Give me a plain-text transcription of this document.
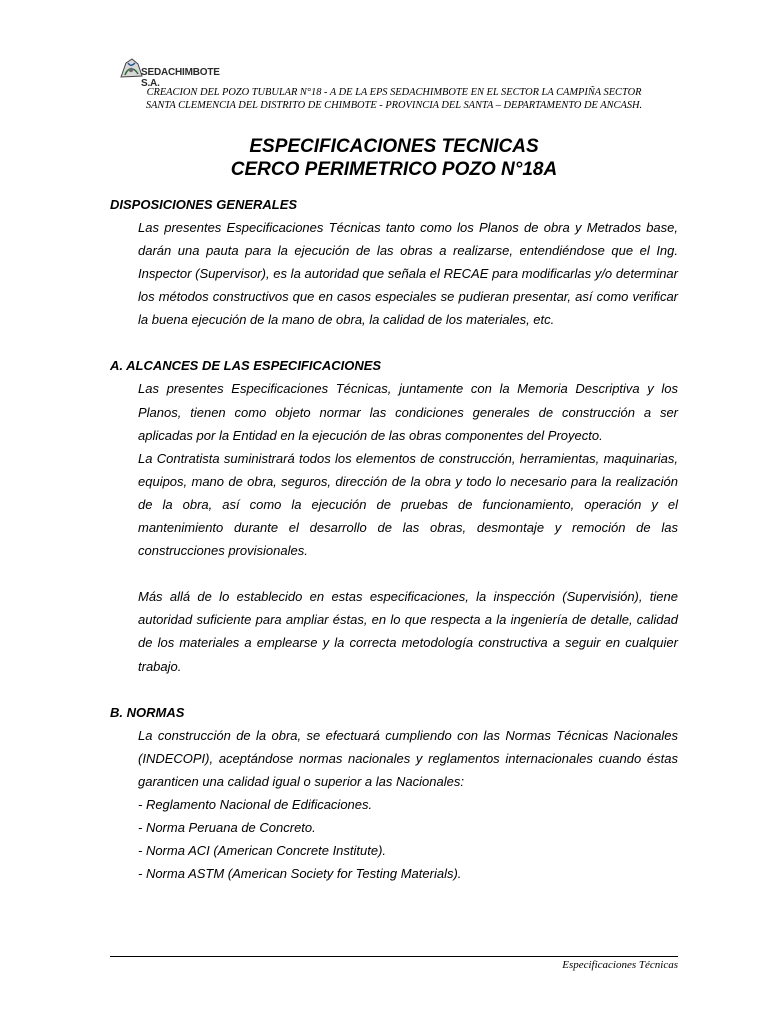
SEDACHIMBOTE S.A.
CREACION DEL POZO TUBULAR N°18 - A DE LA EPS SEDACHIMBOTE EN EL SECTOR LA CAMPIÑA SECTOR
SANTA CLEMENCIA DEL DISTRITO DE CHIMBOTE - PROVINCIA DEL SANTA – DEPARTAMENTO DE ANCASH.
ESPECIFICACIONES TECNICAS
CERCO PERIMETRICO POZO N°18A
DISPOSICIONES GENERALES
Las presentes Especificaciones Técnicas tanto como los Planos de obra y Metrados base, darán una pauta para la ejecución de las obras a realizarse, entendiéndose que el Ing. Inspector (Supervisor), es la autoridad que señala el RECAE para modificarlas y/o determinar los métodos constructivos que en casos especiales se pudieran presentar, así como verificar la buena ejecución de la mano de obra, la calidad de los materiales, etc.
A. ALCANCES DE LAS ESPECIFICACIONES
Las presentes Especificaciones Técnicas, juntamente con la Memoria Descriptiva y los Planos, tienen como objeto normar las condiciones generales de construcción a ser aplicadas por la Entidad en la ejecución de las obras componentes del Proyecto.
La Contratista suministrará todos los elementos de construcción, herramientas, maquinarias, equipos, mano de obra, seguros, dirección de la obra y todo lo necesario para la realización de la obra, así como la ejecución de pruebas de funcionamiento, operación y el mantenimiento durante el desarrollo de las obras, desmontaje y remoción de las construcciones provisionales.
Más allá de lo establecido en estas especificaciones, la inspección (Supervisión), tiene autoridad suficiente para ampliar éstas, en lo que respecta a la ingeniería de detalle, calidad de los materiales a emplearse y la correcta metodología constructiva a seguir en cualquier trabajo.
B. NORMAS
La construcción de la obra, se efectuará cumpliendo con las Normas Técnicas Nacionales (INDECOPI), aceptándose normas nacionales y reglamentos internacionales cuando éstas garanticen una calidad igual o superior a las Nacionales:
- Reglamento Nacional de Edificaciones.
- Norma Peruana de Concreto.
- Norma ACI (American Concrete Institute).
- Norma ASTM (American Society for Testing Materials).
Especificaciones Técnicas
